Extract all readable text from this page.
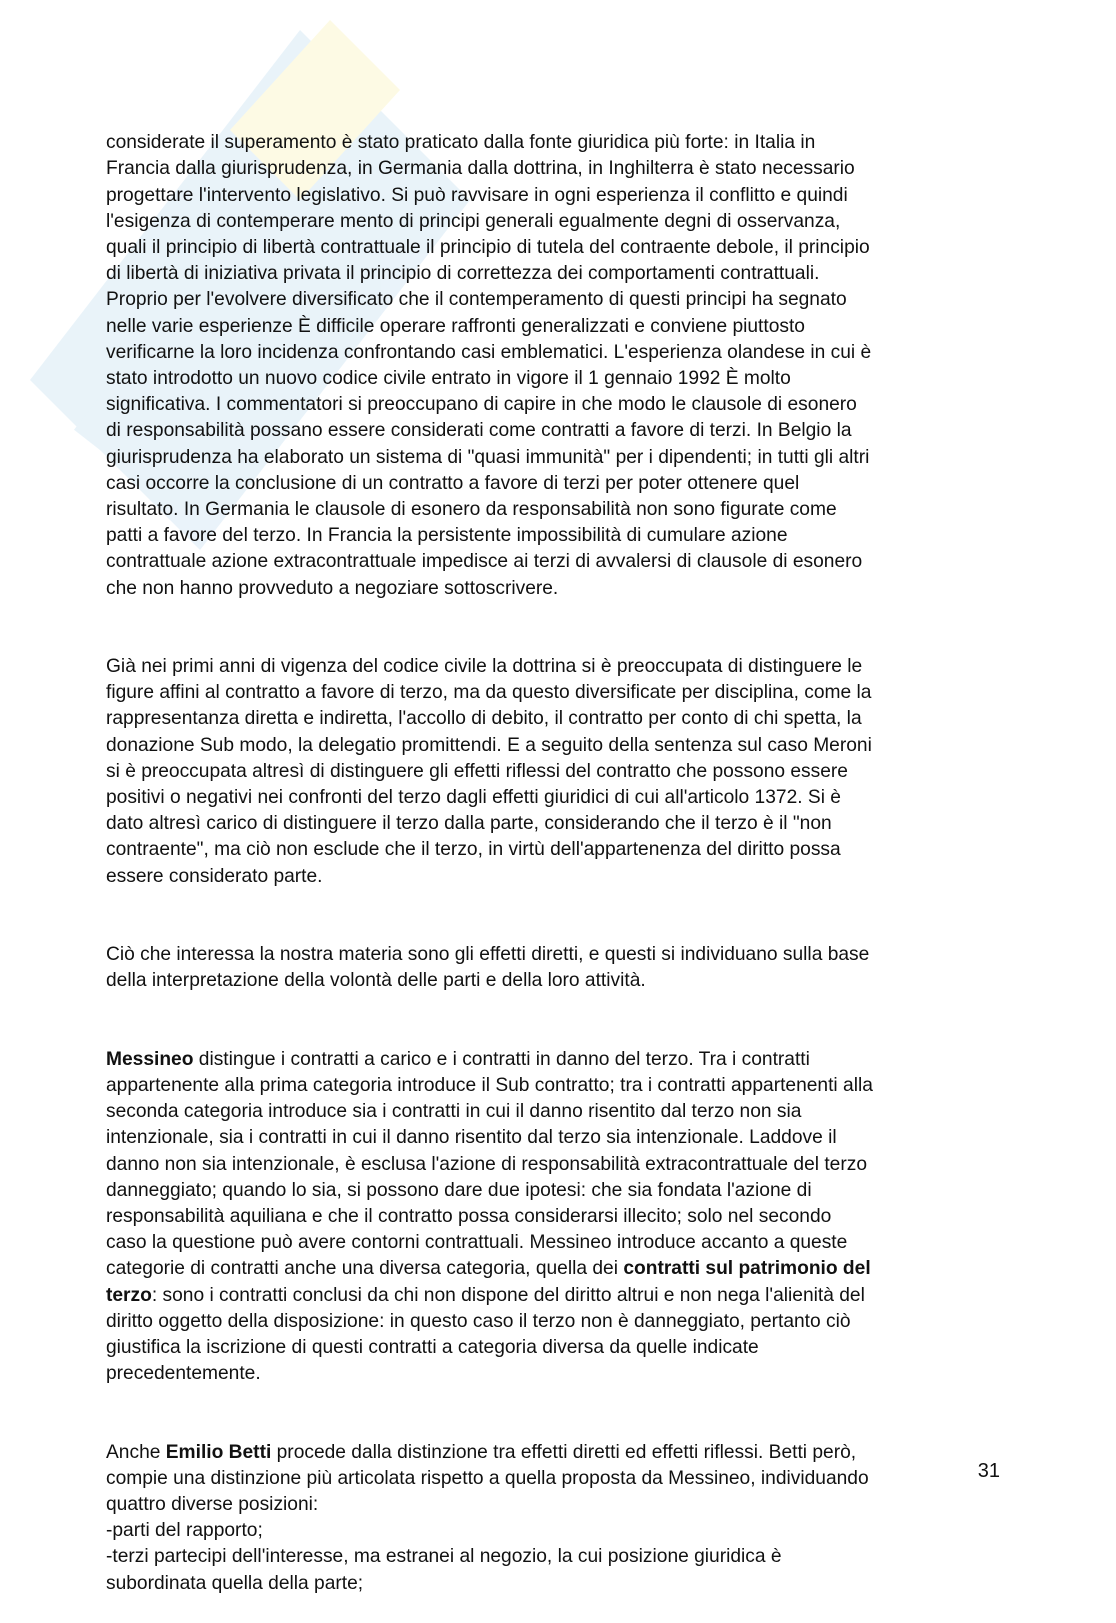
considerate il superamento è stato praticato dalla fonte giuridica più forte: in Italia in
Francia dalla giurisprudenza, in Germania dalla dottrina, in Inghilterra è stato necessario
progettare l'intervento legislativo. Si può ravvisare in ogni esperienza il conflitto e quindi
l'esigenza di contemperare mento di principi generali egualmente degni di osservanza,
quali il principio di libertà contrattuale il principio di tutela del contraente debole, il principio
di libertà di iniziativa privata il principio di correttezza dei comportamenti contrattuali.
Proprio per l'evolvere diversificato che il contemperamento di questi principi ha segnato
nelle varie esperienze È difficile operare raffronti generalizzati e conviene piuttosto
verificarne la loro incidenza confrontando casi emblematici. L'esperienza olandese in cui è
stato introdotto un nuovo codice civile entrato in vigore il 1 gennaio 1992 È molto
significativa. I commentatori si preoccupano di capire in che modo le clausole di esonero
di responsabilità possano essere considerati come contratti a favore di terzi. In Belgio la
giurisprudenza ha elaborato un sistema di "quasi immunità" per i dipendenti; in tutti gli altri
casi occorre la conclusione di un contratto a favore di terzi per poter ottenere quel
risultato. In Germania le clausole di esonero da responsabilità non sono figurate come
patti a favore del terzo. In Francia la persistente impossibilità di cumulare azione
contrattuale azione extracontrattuale impedisce ai terzi di avvalersi di clausole di esonero
che non hanno provveduto a negoziare sottoscrivere.

Già nei primi anni di vigenza del codice civile la dottrina si è preoccupata di distinguere le
figure affini al contratto a favore di terzo, ma da questo diversificate per disciplina, come la
rappresentanza diretta e indiretta, l'accollo di debito, il contratto per conto di chi spetta, la
donazione Sub modo, la delegatio promittendi. E a seguito della sentenza sul caso Meroni
si è preoccupata altresì di distinguere gli effetti riflessi del contratto che possono essere
positivi o negativi nei confronti del terzo dagli effetti giuridici di cui all'articolo 1372. Si è
dato altresì carico di distinguere il terzo dalla parte, considerando che il terzo è il "non
contraente", ma ciò non esclude che il terzo, in virtù dell'appartenenza del diritto possa
essere considerato parte.

Ciò che interessa la nostra materia sono gli effetti diretti, e questi si individuano sulla base
della interpretazione della volontà delle parti e della loro attività.

Messineo distingue i contratti a carico e i contratti in danno del terzo. Tra i contratti
appartenente alla prima categoria introduce il Sub contratto; tra i contratti appartenenti alla
seconda categoria introduce sia i contratti in cui il danno risentito dal terzo non sia
intenzionale, sia i contratti in cui il danno risentito dal terzo sia intenzionale. Laddove il
danno non sia intenzionale, è esclusa l'azione di responsabilità extracontrattuale del terzo
danneggiato; quando lo sia, si possono dare due ipotesi: che sia fondata l'azione di
responsabilità aquiliana e che il contratto possa considerarsi illecito; solo nel secondo
caso la questione può avere contorni contrattuali. Messineo introduce accanto a queste
categorie di contratti anche una diversa categoria, quella dei contratti sul patrimonio del
terzo: sono i contratti conclusi da chi non dispone del diritto altrui e non nega l'alienità del
diritto oggetto della disposizione: in questo caso il terzo non è danneggiato, pertanto ciò
giustifica la iscrizione di questi contratti a categoria diversa da quelle indicate
precedentemente.

Anche Emilio Betti procede dalla distinzione tra effetti diretti ed effetti riflessi. Betti però,
compie una distinzione più articolata rispetto a quella proposta da Messineo, individuando
quattro diverse posizioni:
-parti del rapporto;
-terzi partecipi dell'interesse, ma estranei al negozio, la cui posizione giuridica è
subordinata quella della parte;

31
